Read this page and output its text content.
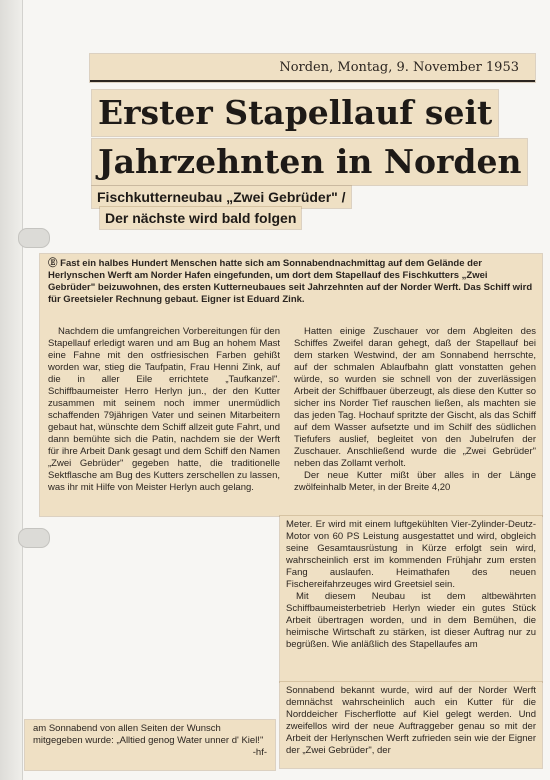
Norden, Montag, 9. November 1953
Erster Stapellauf seit
Jahrzehnten in Norden
Fischkutterneubau „Zwei Gebrüder" /
Der nächste wird bald folgen
Ⓔ Fast ein halbes Hundert Menschen hatte sich am Sonnabendnachmittag auf dem Gelände der Herlynschen Werft am Norder Hafen eingefunden, um dort dem Stapellauf des Fischkutters „Zwei Gebrüder" beizuwohnen, des ersten Kutterneubaues seit Jahrzehnten auf der Norder Werft. Das Schiff wird für Greetsieler Rechnung gebaut. Eigner ist Eduard Zink.

Nachdem die umfangreichen Vorbereitungen für den Stapellauf erledigt waren und am Bug an hohem Mast eine Fahne mit den ostfriesischen Farben gehißt worden war, stieg die Taufpatin, Frau Henni Zink, auf die in aller Eile errichtete „Taufkanzel". Schiffbaumeister Herro Herlyn jun., der den Kutter zusammen mit seinem noch immer unermüdlich schaffenden 79jährigen Vater und seinen Mitarbeitern gebaut hat, wünschte dem Schiff allzeit gute Fahrt, und dann bemühte sich die Patin, nachdem sie der Werft für ihre Arbeit Dank gesagt und dem Schiff den Namen „Zwei Gebrüder" gegeben hatte, die traditionelle Sektflasche am Bug des Kutters zerschellen zu lassen, was ihr mit Hilfe von Meister Herlyn auch gelang.

Hatten einige Zuschauer vor dem Abgleiten des Schiffes Zweifel daran gehegt, daß der Stapellauf bei dem starken Westwind, der am Sonnabend herrschte, auf der schmalen Ablaufbahn glatt vonstatten gehen würde, so wurden sie schnell von der zuverlässigen Arbeit der Schiffbauer überzeugt, als diese den Kutter so sicher ins Norder Tief rauschen ließen, als machten sie das jeden Tag. Hochauf spritzte der Gischt, als das Schiff auf dem Wasser aufsetzte und im Schilf des südlichen Tiefufers auslief, begleitet von den Jubelrufen der Zuschauer. Anschließend wurde die „Zwei Gebrüder" neben das Zollamt verholt.

Der neue Kutter mißt über alles in der Länge zwölfeinhalb Meter, in der Breite 4,20

Meter. Er wird mit einem luftgekühlten Vier-Zylinder-Deutz-Motor von 60 PS Leistung ausgestattet und wird, obgleich seine Gesamtausrüstung in Kürze erfolgt sein wird, wahrscheinlich erst im kommenden Frühjahr zum ersten Fang auslaufen. Heimathafen des neuen Fischereifahrzeuges wird Greetsiel sein.

Mit diesem Neubau ist dem altbewährten Schiffbaumeisterbetrieb Herlyn wieder ein gutes Stück Arbeit übertragen worden, und in dem Bemühen, die heimische Wirtschaft zu stärken, ist dieser Auftrag nur zu begrüßen. Wie anläßlich des Stapellaufes am

Sonnabend bekannt wurde, wird auf der Norder Werft demnächst wahrscheinlich auch ein Kutter für die Norddeicher Fischerflotte auf Kiel gelegt werden. Und zweifellos wird der neue Auftraggeber genau so mit der Arbeit der Herlynschen Werft zufrieden sein wie der Eigner der „Zwei Gebrüder", der

am Sonnabend von allen Seiten der Wunsch mitgegeben wurde: „Alltied genog Water unner d' Kiel!"
-hf-
